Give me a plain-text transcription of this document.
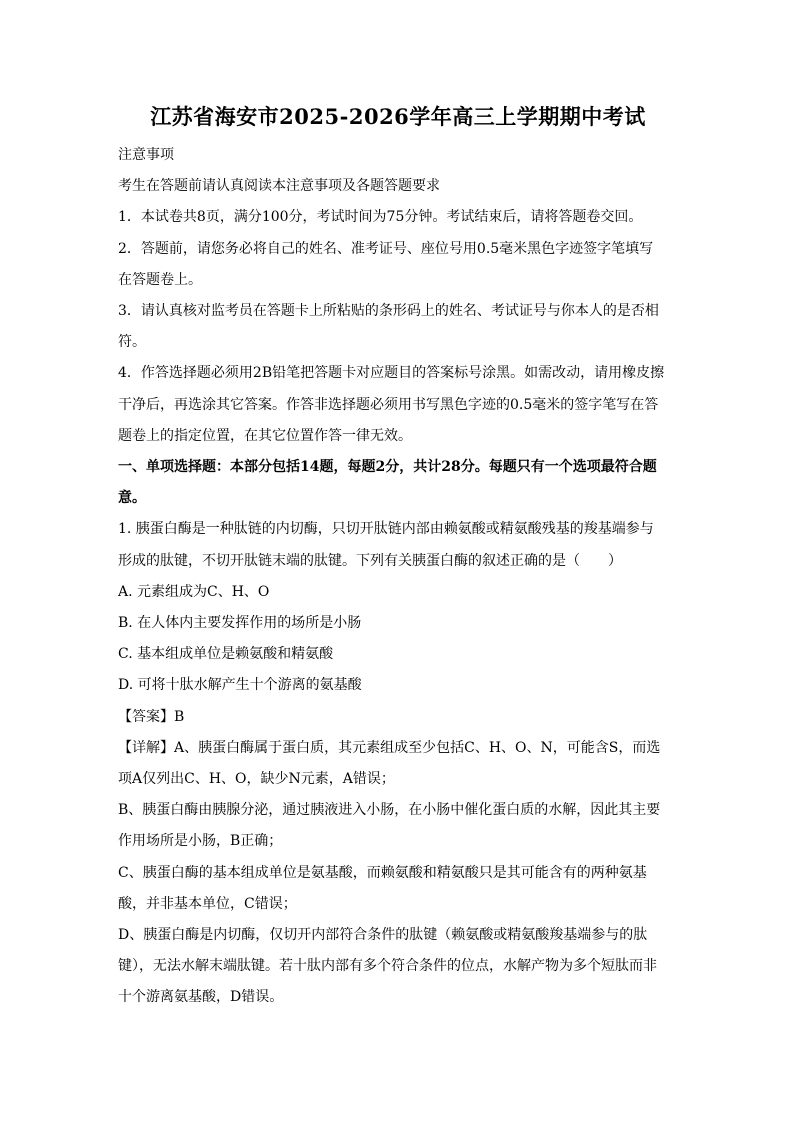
江苏省海安市2025-2026学年高三上学期期中考试
注意事项
考生在答题前请认真阅读本注意事项及各题答题要求
1．本试卷共8页，满分100分，考试时间为75分钟。考试结束后，请将答题卷交回。
2．答题前，请您务必将自己的姓名、准考证号、座位号用0.5毫米黑色字迹签字笔填写在答题卷上。
3．请认真核对监考员在答题卡上所粘贴的条形码上的姓名、考试证号与你本人的是否相符。
4．作答选择题必须用2B铅笔把答题卡对应题目的答案标号涂黑。如需改动，请用橡皮擦干净后，再选涂其它答案。作答非选择题必须用书写黑色字迹的0.5毫米的签字笔写在答题卷上的指定位置，在其它位置作答一律无效。
一、单项选择题：本部分包括14题，每题2分，共计28分。每题只有一个选项最符合题意。
1. 胰蛋白酶是一种肽链的内切酶，只切开肽链内部由赖氨酸或精氨酸残基的羧基端参与形成的肽键，不切开肽链末端的肽键。下列有关胰蛋白酶的叙述正确的是（　　）
A. 元素组成为C、H、O
B. 在人体内主要发挥作用的场所是小肠
C. 基本组成单位是赖氨酸和精氨酸
D. 可将十肽水解产生十个游离的氨基酸
【答案】B
【详解】A、胰蛋白酶属于蛋白质，其元素组成至少包括C、H、O、N，可能含S，而选项A仅列出C、H、O，缺少N元素，A错误；
B、胰蛋白酶由胰腺分泌，通过胰液进入小肠，在小肠中催化蛋白质的水解，因此其主要作用场所是小肠，B正确；
C、胰蛋白酶的基本组成单位是氨基酸，而赖氨酸和精氨酸只是其可能含有的两种氨基酸，并非基本单位，C错误；
D、胰蛋白酶是内切酶，仅切开内部符合条件的肽键（赖氨酸或精氨酸羧基端参与的肽键），无法水解末端肽键。若十肽内部有多个符合条件的位点，水解产物为多个短肽而非十个游离氨基酸，D错误。
